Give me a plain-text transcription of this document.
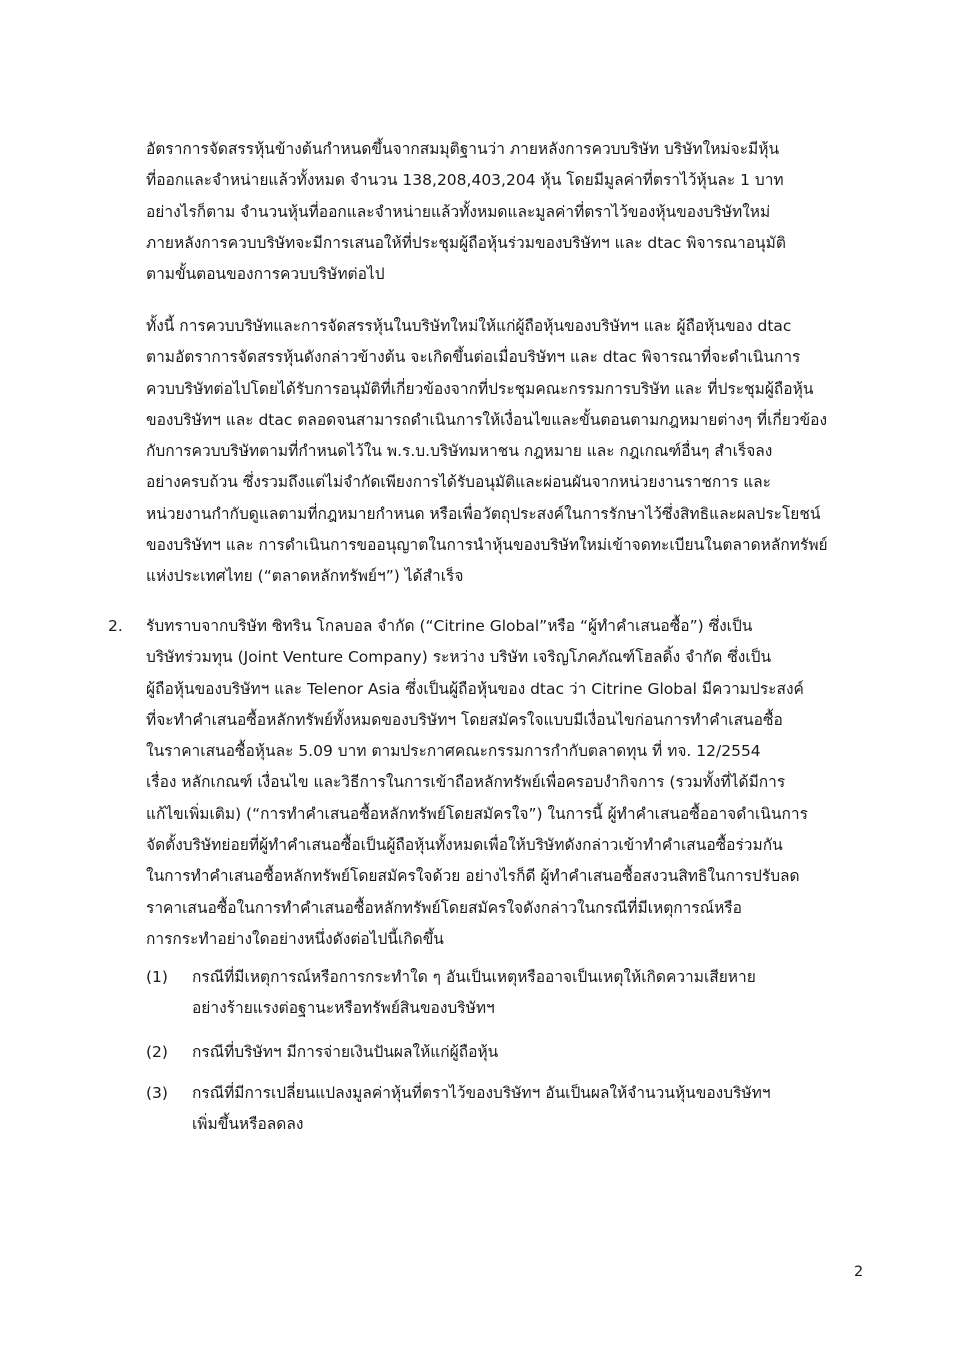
อัตราการจัดสรรหุ้นข้างต้นกำหนดขึ้นจากสมมุติฐานว่า ภายหลังการควบบริษัท บริษัทใหม่จะมีหุ้น
ที่ออกและจำหน่ายแล้วทั้งหมด จำนวน 138,208,403,204 หุ้น โดยมีมูลค่าที่ตราไว้หุ้นละ 1 บาท
อย่างไรก็ตาม จำนวนหุ้นที่ออกและจำหน่ายแล้วทั้งหมดและมูลค่าที่ตราไว้ของหุ้นของบริษัทใหม่
ภายหลังการควบบริษัทจะมีการเสนอให้ที่ประชุมผู้ถือหุ้นร่วมของบริษัทฯ และ dtac พิจารณาอนุมัติ
ตามขั้นตอนของการควบบริษัทต่อไป
ทั้งนี้ การควบบริษัทและการจัดสรรหุ้นในบริษัทใหม่ให้แก่ผู้ถือหุ้นของบริษัทฯ และ ผู้ถือหุ้นของ dtac
ตามอัตราการจัดสรรหุ้นดังกล่าวข้างต้น จะเกิดขึ้นต่อเมื่อบริษัทฯ และ dtac พิจารณาที่จะดำเนินการ
ควบบริษัทต่อไปโดยได้รับการอนุมัติที่เกี่ยวข้องจากที่ประชุมคณะกรรมการบริษัท และ ที่ประชุมผู้ถือหุ้น
ของบริษัทฯ และ dtac ตลอดจนสามารถดำเนินการให้เงื่อนไขและขั้นตอนตามกฎหมายต่างๆ ที่เกี่ยวข้อง
กับการควบบริษัทตามที่กำหนดไว้ใน พ.ร.บ.บริษัทมหาชน กฎหมาย และ กฎเกณฑ์อื่นๆ สำเร็จลง
อย่างครบถ้วน ซึ่งรวมถึงแต่ไม่จำกัดเพียงการได้รับอนุมัติและผ่อนผันจากหน่วยงานราชการ และ
หน่วยงานกำกับดูแลตามที่กฎหมายกำหนด หรือเพื่อวัตถุประสงค์ในการรักษาไว้ซึ่งสิทธิและผลประโยชน์
ของบริษัทฯ และ การดำเนินการขออนุญาตในการนำหุ้นของบริษัทใหม่เข้าจดทะเบียนในตลาดหลักทรัพย์
แห่งประเทศไทย (“ตลาดหลักทรัพย์ฯ”) ได้สำเร็จ
2. รับทราบจากบริษัท ซิทริน โกลบอล จำกัด (“Citrine Global”หรือ “ผู้ทำคำเสนอซื้อ”) ซึ่งเป็น
บริษัทร่วมทุน (Joint Venture Company) ระหว่าง บริษัท เจริญโภคภัณฑ์โฮลดิ้ง จำกัด ซึ่งเป็น
ผู้ถือหุ้นของบริษัทฯ และ Telenor Asia ซึ่งเป็นผู้ถือหุ้นของ dtac ว่า Citrine Global มีความประสงค์
ที่จะทำคำเสนอซื้อหลักทรัพย์ทั้งหมดของบริษัทฯ โดยสมัครใจแบบมีเงื่อนไขก่อนการทำคำเสนอซื้อ
ในราคาเสนอซื้อหุ้นละ 5.09 บาท ตามประกาศคณะกรรมการกำกับตลาดทุน ที่ ทจ. 12/2554
เรื่อง หลักเกณฑ์ เงื่อนไข และวิธีการในการเข้าถือหลักทรัพย์เพื่อครอบงำกิจการ (รวมทั้งที่ได้มีการ
แก้ไขเพิ่มเติม) (“การทำคำเสนอซื้อหลักทรัพย์โดยสมัครใจ”) ในการนี้ ผู้ทำคำเสนอซื้ออาจดำเนินการ
จัดตั้งบริษัทย่อยที่ผู้ทำคำเสนอซื้อเป็นผู้ถือหุ้นทั้งหมดเพื่อให้บริษัทดังกล่าวเข้าทำคำเสนอซื้อร่วมกัน
ในการทำคำเสนอซื้อหลักทรัพย์โดยสมัครใจด้วย อย่างไรก็ดี ผู้ทำคำเสนอซื้อสงวนสิทธิในการปรับลด
ราคาเสนอซื้อในการทำคำเสนอซื้อหลักทรัพย์โดยสมัครใจดังกล่าวในกรณีที่มีเหตุการณ์หรือ
การกระทำอย่างใดอย่างหนึ่งดังต่อไปนี้เกิดขึ้น
(1) กรณีที่มีเหตุการณ์หรือการกระทำใด ๆ อันเป็นเหตุหรืออาจเป็นเหตุให้เกิดความเสียหาย
อย่างร้ายแรงต่อฐานะหรือทรัพย์สินของบริษัทฯ
(2) กรณีที่บริษัทฯ มีการจ่ายเงินปันผลให้แก่ผู้ถือหุ้น
(3) กรณีที่มีการเปลี่ยนแปลงมูลค่าหุ้นที่ตราไว้ของบริษัทฯ อันเป็นผลให้จำนวนหุ้นของบริษัทฯ
เพิ่มขึ้นหรือลดลง
2
